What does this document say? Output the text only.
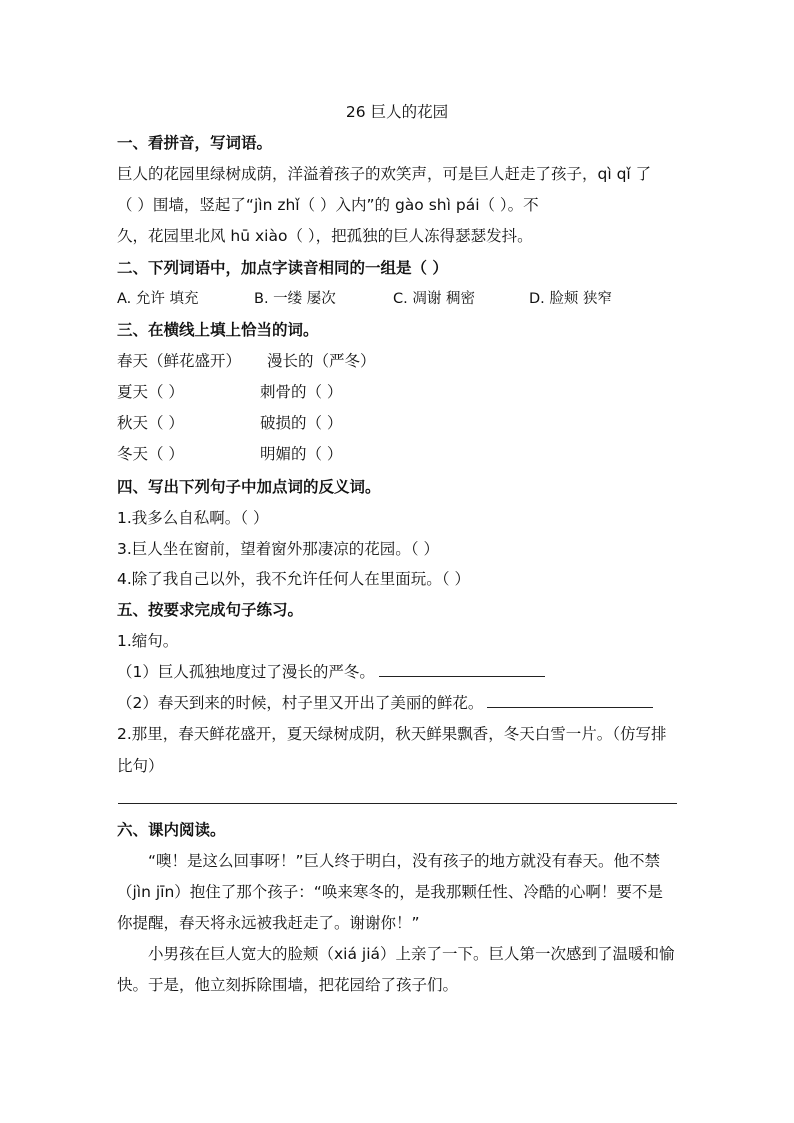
26 巨人的花园
一、看拼音，写词语。
巨人的花园里绿树成荫，洋溢着孩子的欢笑声，可是巨人赶走了孩子，qì qǐ 了
（ ）围墙，竖起了“jìn zhǐ（ ）入内”的 gào shì pái（ ）。不
久，花园里北风 hū xiào（ ），把孤独的巨人冻得瑟瑟发抖。
二、下列词语中，加点字读音相同的一组是（ ）
A. 允许 填充	B. 一缕 屡次	C. 凋谢 稠密	D. 脸颊 狭窄
三、在横线上填上恰当的词。
春天（鲜花盛开） 漫长的（严冬）
夏天（ ）	刺骨的（ ）
秋天（ ）	破损的（ ）
冬天（ ）	明媚的（ ）
四、写出下列句子中加点词的反义词。
1.我多么自私啊。（ ）
3.巨人坐在窗前，望着窗外那凄凉的花园。（ ）
4.除了我自己以外，我不允许任何人在里面玩。（ ）
五、按要求完成句子练习。
1.缩句。
（1）巨人孤独地度过了漫长的严冬。
（2）春天到来的时候，村子里又开出了美丽的鲜花。
2.那里，春天鲜花盛开，夏天绿树成阴，秋天鲜果飘香，冬天白雪一片。（仿写排
比句）
六、课内阅读。
“噢！是这么回事呀！”巨人终于明白，没有孩子的地方就没有春天。他不禁（jìn jīn）抱住了那个孩子：“唤来寒冬的，是我那颗任性、冷酷的心啊！要不是你提醒，春天将永远被我赶走了。谢谢你！”
小男孩在巨人宽大的脸颊（xiá jiá）上亲了一下。巨人第一次感到了温暖和愉快。于是，他立刻拆除围墙，把花园给了孩子们。
